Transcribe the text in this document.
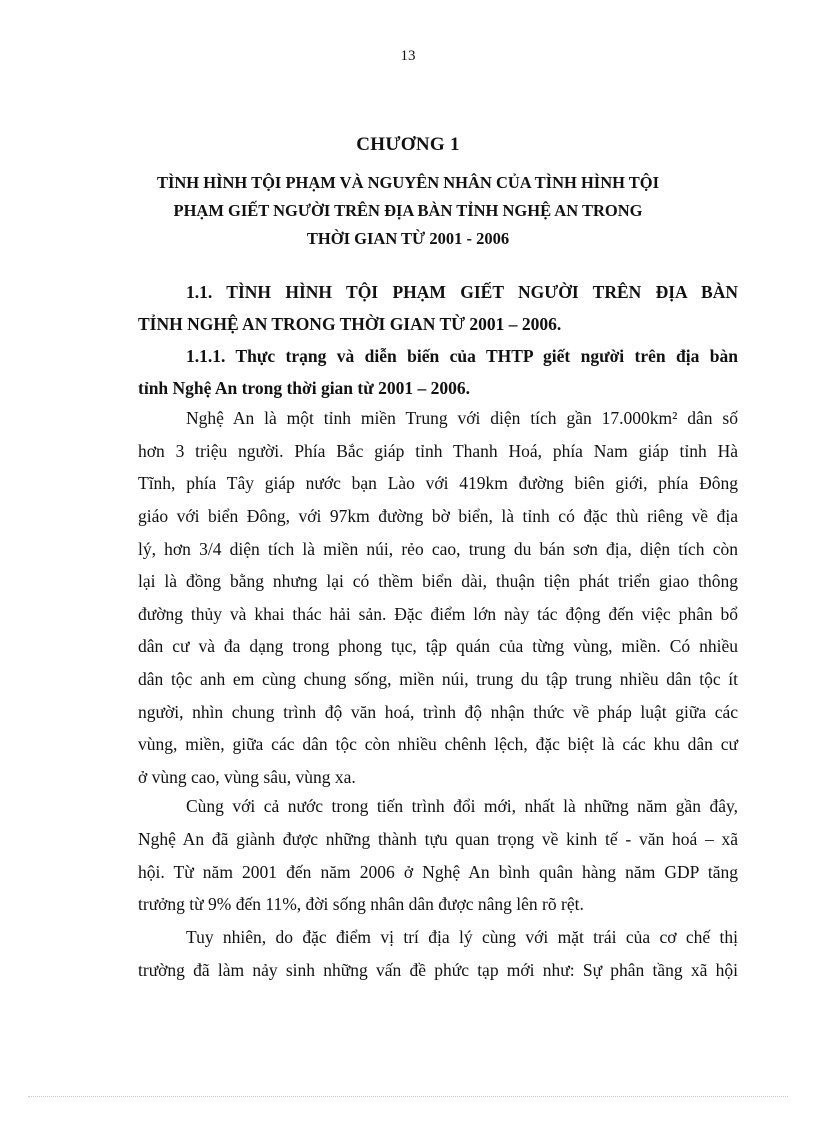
13
CHƯƠNG 1
TÌNH HÌNH TỘI PHẠM VÀ NGUYÊN NHÂN CỦA TÌNH HÌNH TỘI
PHẠM GIẾT NGƯỜI TRÊN ĐỊA BÀN TỈNH NGHỆ AN TRONG
THỜI GIAN TỪ 2001 - 2006
1.1. TÌNH HÌNH TỘI PHẠM GIẾT NGƯỜI TRÊN ĐỊA BÀN
TỈNH NGHỆ AN TRONG THỜI GIAN TỪ 2001 – 2006.
1.1.1. Thực trạng và diễn biến của THTP giết người trên địa bàn
tỉnh Nghệ An trong thời gian từ 2001 – 2006.
Nghệ An là một tỉnh miền Trung với diện tích gần 17.000km² dân số
hơn 3 triệu người. Phía Bắc giáp tỉnh Thanh Hoá, phía Nam giáp tỉnh Hà
Tĩnh, phía Tây giáp nước bạn Lào với 419km đường biên giới, phía Đông
giáo với biển Đông, với 97km đường bờ biển, là tỉnh có đặc thù riêng về địa
lý, hơn 3/4 diện tích là miền núi, rẻo cao, trung du bán sơn địa, diện tích còn
lại là đồng bằng nhưng lại có thềm biển dài, thuận tiện phát triển giao thông
đường thủy và khai thác hải sản. Đặc điểm lớn này tác động đến việc phân bổ
dân cư và đa dạng trong phong tục, tập quán của từng vùng, miền. Có nhiều
dân tộc anh em cùng chung sống, miền núi, trung du tập trung nhiều dân tộc ít
người, nhìn chung trình độ văn hoá, trình độ nhận thức về pháp luật giữa các
vùng, miền, giữa các dân tộc còn nhiều chênh lệch, đặc biệt là các khu dân cư
ở vùng cao, vùng sâu, vùng xa.
Cùng với cả nước trong tiến trình đổi mới, nhất là những năm gần đây,
Nghệ An đã giành được những thành tựu quan trọng về kinh tế - văn hoá – xã
hội. Từ năm 2001 đến năm 2006 ở Nghệ An bình quân hàng năm GDP tăng
trưởng từ 9% đến 11%, đời sống nhân dân được nâng lên rõ rệt.
Tuy nhiên, do đặc điểm vị trí địa lý cùng với mặt trái của cơ chế thị
trường đã làm nảy sinh những vấn đề phức tạp mới như: Sự phân tầng xã hội
